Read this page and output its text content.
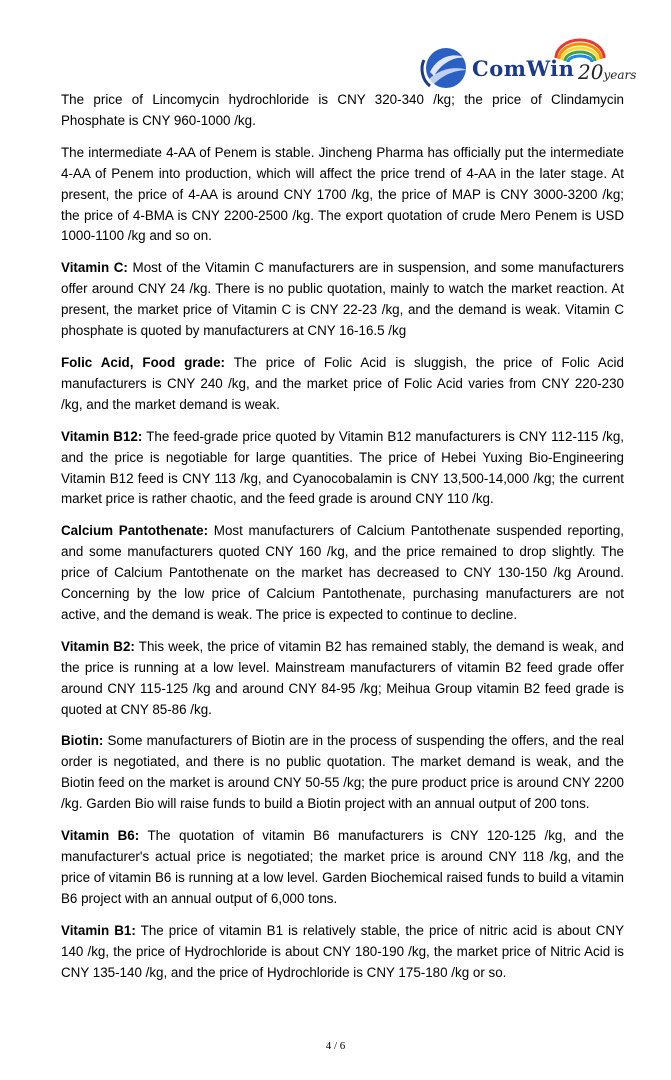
ComWin 20years

The price of Lincomycin hydrochloride is CNY 320-340 /kg; the price of Clindamycin Phosphate is CNY 960-1000 /kg.

The intermediate 4-AA of Penem is stable. Jincheng Pharma has officially put the intermediate 4-AA of Penem into production, which will affect the price trend of 4-AA in the later stage. At present, the price of 4-AA is around CNY 1700 /kg, the price of MAP is CNY 3000-3200 /kg; the price of 4-BMA is CNY 2200-2500 /kg. The export quotation of crude Mero Penem is USD 1000-1100 /kg and so on.

Vitamin C: Most of the Vitamin C manufacturers are in suspension, and some manufacturers offer around CNY 24 /kg. There is no public quotation, mainly to watch the market reaction. At present, the market price of Vitamin C is CNY 22-23 /kg, and the demand is weak. Vitamin C phosphate is quoted by manufacturers at CNY 16-16.5 /kg

Folic Acid, Food grade: The price of Folic Acid is sluggish, the price of Folic Acid manufacturers is CNY 240 /kg, and the market price of Folic Acid varies from CNY 220-230 /kg, and the market demand is weak.

Vitamin B12: The feed-grade price quoted by Vitamin B12 manufacturers is CNY 112-115 /kg, and the price is negotiable for large quantities. The price of Hebei Yuxing Bio-Engineering Vitamin B12 feed is CNY 113 /kg, and Cyanocobalamin is CNY 13,500-14,000 /kg; the current market price is rather chaotic, and the feed grade is around CNY 110 /kg.

Calcium Pantothenate: Most manufacturers of Calcium Pantothenate suspended reporting, and some manufacturers quoted CNY 160 /kg, and the price remained to drop slightly. The price of Calcium Pantothenate on the market has decreased to CNY 130-150 /kg Around. Concerning by the low price of Calcium Pantothenate, purchasing manufacturers are not active, and the demand is weak. The price is expected to continue to decline.

Vitamin B2: This week, the price of vitamin B2 has remained stably, the demand is weak, and the price is running at a low level. Mainstream manufacturers of vitamin B2 feed grade offer around CNY 115-125 /kg and around CNY 84-95 /kg; Meihua Group vitamin B2 feed grade is quoted at CNY 85-86 /kg.

Biotin: Some manufacturers of Biotin are in the process of suspending the offers, and the real order is negotiated, and there is no public quotation. The market demand is weak, and the Biotin feed on the market is around CNY 50-55 /kg; the pure product price is around CNY 2200 /kg. Garden Bio will raise funds to build a Biotin project with an annual output of 200 tons.

Vitamin B6: The quotation of vitamin B6 manufacturers is CNY 120-125 /kg, and the manufacturer's actual price is negotiated; the market price is around CNY 118 /kg, and the price of vitamin B6 is running at a low level. Garden Biochemical raised funds to build a vitamin B6 project with an annual output of 6,000 tons.

Vitamin B1: The price of vitamin B1 is relatively stable, the price of nitric acid is about CNY 140 /kg, the price of Hydrochloride is about CNY 180-190 /kg, the market price of Nitric Acid is CNY 135-140 /kg, and the price of Hydrochloride is CNY 175-180 /kg or so.

4 / 6
